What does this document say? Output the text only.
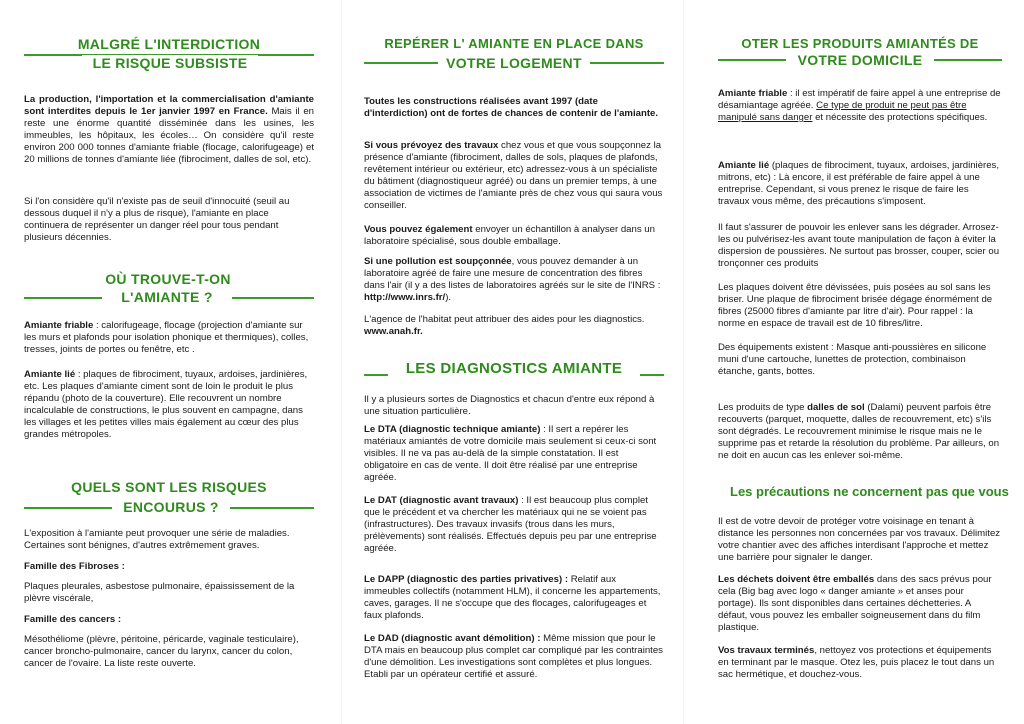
MALGRÉ L'INTERDICTION
LE RISQUE SUBSISTE

La production, l'importation et la commercialisation d'amiante sont interdites depuis le 1er janvier 1997 en France. Mais il en reste une énorme quantité disséminée dans les usines, les immeubles, les hôpitaux, les écoles… On considère qu'il reste environ 200 000 tonnes d'amiante friable (flocage, calorifugeage) et 20 millions de tonnes d'amiante liée (fibrociment, dalles de sol, etc).

Si l'on considère qu'il n'existe pas de seuil d'innocuité (seuil au dessous duquel il n'y a plus de risque), l'amiante en place continuera de représenter un danger réel pour tous pendant plusieurs décennies.

OÙ TROUVE-T-ON
L'AMIANTE ?

Amiante friable : calorifugeage, flocage (projection d'amiante sur les murs et plafonds pour isolation phonique et thermiques), colles, tresses, joints de portes ou fenêtre, etc .

Amiante lié : plaques de fibrociment, tuyaux, ardoises, jardinières, etc. Les plaques d'amiante ciment sont de loin le produit le plus répandu (photo de la couverture). Elle recouvrent un nombre incalculable de constructions, le plus souvent en campagne, dans les villages et les petites villes mais également au cœur des plus grandes métropoles.

QUELS SONT LES RISQUES
ENCOURUS ?

L'exposition à l'amiante peut provoquer une série de maladies. Certaines sont bénignes, d'autres extrêmement graves.

Famille des Fibroses :

Plaques pleurales, asbestose pulmonaire, épaississement de la plèvre viscérale,

Famille des cancers :

Mésothéliome (plèvre, péritoine, péricarde, vaginale testiculaire), cancer broncho-pulmonaire, cancer du larynx, cancer du colon, cancer de l'ovaire. La liste reste ouverte.

REPÉRER L' AMIANTE EN PLACE DANS
VOTRE LOGEMENT

Toutes les constructions réalisées avant 1997 (date d'interdiction) ont de fortes de chances de contenir de l'amiante.

Si vous prévoyez des travaux chez vous et que vous soupçonnez la présence d'amiante (fibrociment, dalles de sols, plaques de plafonds, revêtement intérieur ou extérieur, etc) adressez-vous à un spécialiste du bâtiment (diagnostiqueur agréé) ou dans un premier temps, à une association de victimes de l'amiante près de chez vous qui saura vous conseiller.

Vous pouvez également envoyer un échantillon à analyser dans un laboratoire spécialisé, sous double emballage.

Si une pollution est soupçonnée, vous pouvez demander à un laboratoire agréé de faire une mesure de concentration des fibres dans l'air (il y a des listes de laboratoires agréés sur le site de l'INRS : http://www.inrs.fr/).

L'agence de l'habitat peut attribuer des aides pour les diagnostics.
www.anah.fr.

LES DIAGNOSTICS AMIANTE

Il y a plusieurs sortes de Diagnostics et chacun d'entre eux répond à une situation particulière.

Le DTA (diagnostic technique amiante) : Il sert a repérer les matériaux amiantés de votre domicile mais seulement si ceux-ci sont visibles. Il ne va pas au-delà de la simple constatation. Il est obligatoire en cas de vente. Il doit être réalisé par une entreprise agréée.

Le DAT (diagnostic avant travaux) : Il est beaucoup plus complet que le précédent et va chercher les matériaux qui ne se voient pas (infrastructures). Des travaux invasifs (trous dans les murs, prélèvements) sont réalisés. Effectués depuis peu par une entreprise agréée.

Le DAPP (diagnostic des parties privatives) : Relatif aux immeubles collectifs (notamment HLM), il concerne les appartements, caves, garages. Il ne s'occupe que des flocages, calorifugeages et faux plafonds.

Le DAD (diagnostic avant démolition) : Même mission que pour le DTA mais en beaucoup plus complet car compliqué par les contraintes d'une démolition. Les investigations sont complètes et plus longues. Etabli par un opérateur certifié et assuré.

OTER LES PRODUITS AMIANTÉS DE
VOTRE DOMICILE

Amiante friable : il est impératif de faire appel à une entreprise de désamiantage agréée. Ce type de produit ne peut pas être manipulé sans danger et nécessite des protections spécifiques.

Amiante lié (plaques de fibrociment, tuyaux, ardoises, jardinières, mitrons, etc) : Là encore, il est préférable de faire appel à une entreprise. Cependant, si vous prenez le risque de faire les travaux vous même, des précautions s'imposent.

Il faut s'assurer de pouvoir les enlever sans les dégrader. Arrosez- les ou pulvérisez-les avant toute manipulation de façon à éviter la dispersion de poussières. Ne surtout pas brosser, couper, scier ou tronçonner ces produits

Les plaques doivent être dévissées, puis posées au sol sans les briser. Une plaque de fibrociment brisée dégage énormément de fibres (25000 fibres d'amiante par litre d'air). Pour rappel : la norme en espace de travail est de 10 fibres/litre.

Des équipements existent : Masque anti-poussières en silicone muni d'une cartouche, lunettes de protection, combinaison étanche, gants, bottes.

Les produits de type dalles de sol (Dalami) peuvent parfois être recouverts (parquet, moquette, dalles de recouvrement, etc) s'ils sont dégradés. Le recouvrement minimise le risque mais ne le supprime pas et retarde la résolution du problème. Par ailleurs, on ne doit en aucun cas les enlever soi-même.

Les précautions ne concernent pas que vous

Il est de votre devoir de protéger votre voisinage en tenant à distance les personnes non concernées par vos travaux. Délimitez votre chantier avec des affiches interdisant l'approche et mettez une barrière pour signaler le danger.

Les déchets doivent être emballés dans des sacs prévus pour cela (Big bag avec logo « danger amiante » et anses pour portage). Ils sont disponibles dans certaines déchetteries. A défaut, vous pouvez les emballer soigneusement dans du film plastique.

Vos travaux terminés, nettoyez vos protections et équipements en terminant par le masque. Otez les, puis placez le tout dans un sac hermétique, et douchez-vous.
